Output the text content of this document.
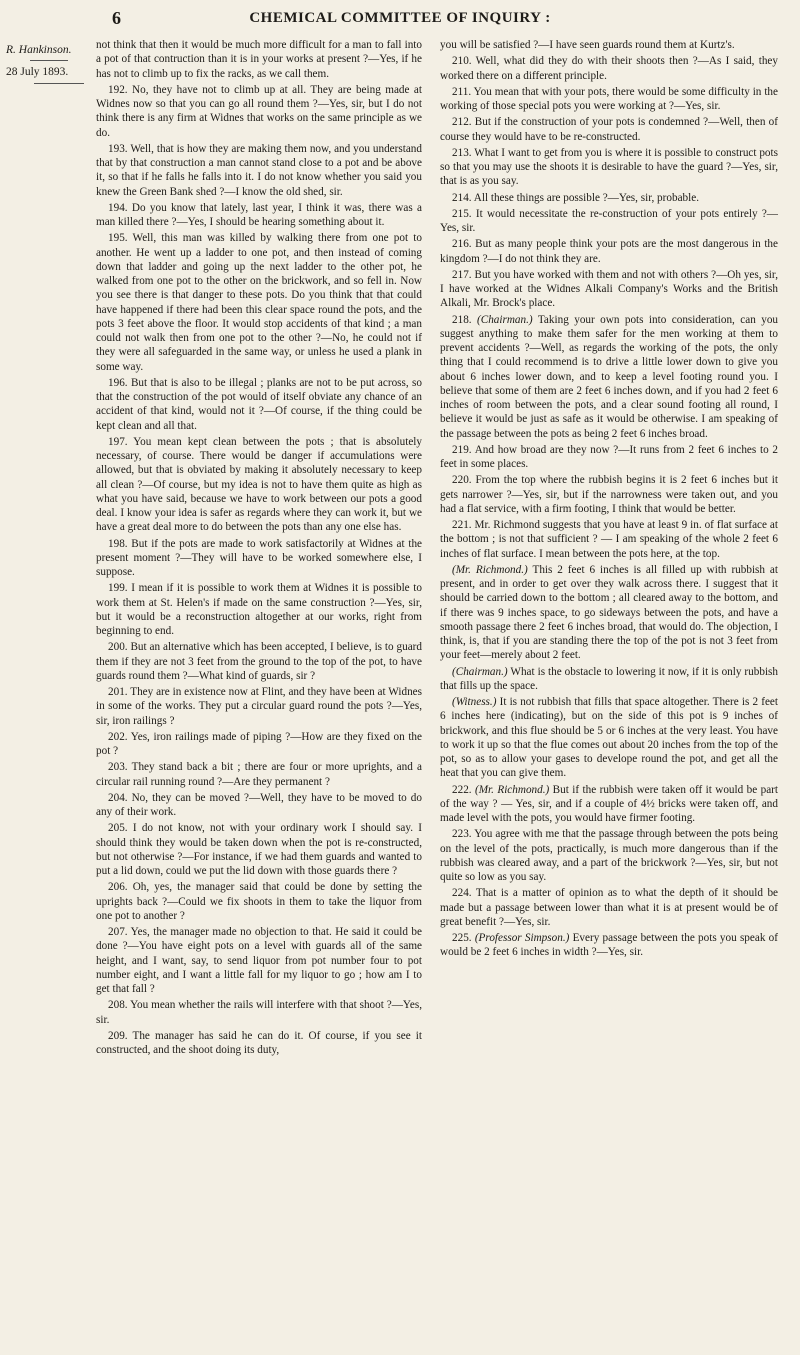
6	CHEMICAL COMMITTEE OF INQUIRY :
R. Hankinson.
28 July 1893.

not think that then it would be much more difficult for a man to fall into a pot of that contruction than it is in your works at present ?—Yes, if he has not to climb up to fix the racks, as we call them.

192. No, they have not to climb up at all. They are being made at Widnes now so that you can go all round them ?—Yes, sir, but I do not think there is any firm at Widnes that works on the same principle as we do.

193. Well, that is how they are making them now, and you understand that by that construction a man cannot stand close to a pot and be above it, so that if he falls he falls into it. I do not know whether you said you knew the Green Bank shed ?—I know the old shed, sir.

194. Do you know that lately, last year, I think it was, there was a man killed there ?—Yes, I should be hearing something about it.

195. Well, this man was killed by walking there from one pot to another. He went up a ladder to one pot, and then instead of coming down that ladder and going up the next ladder to the other pot, he walked from one pot to the other on the brickwork, and so fell in. Now you see there is that danger to these pots. Do you think that that could have happened if there had been this clear space round the pots, and the pots 3 feet above the floor. It would stop accidents of that kind ; a man could not walk then from one pot to the other ?—No, he could not if they were all safeguarded in the same way, or unless he used a plank in some way.

196. But that is also to be illegal ; planks are not to be put across, so that the construction of the pot would of itself obviate any chance of an accident of that kind, would not it ?—Of course, if the thing could be kept clean and all that.

197. You mean kept clean between the pots ; that is absolutely necessary, of course. There would be danger if accumulations were allowed, but that is obviated by making it absolutely necessary to keep all clean ?—Of course, but my idea is not to have them quite as high as what you have said, because we have to work between our pots a good deal. I know your idea is safer as regards where they can work it, but we have a great deal more to do between the pots than any one else has.

198. But if the pots are made to work satisfactorily at Widnes at the present moment ?—They will have to be worked somewhere else, I suppose.

199. I mean if it is possible to work them at Widnes it is possible to work them at St. Helen's if made on the same construction ?—Yes, sir, but it would be a reconstruction altogether at our works, right from beginning to end.

200. But an alternative which has been accepted, I believe, is to guard them if they are not 3 feet from the ground to the top of the pot, to have guards round them ?—What kind of guards, sir ?

201. They are in existence now at Flint, and they have been at Widnes in some of the works. They put a circular guard round the pots ?—Yes, sir, iron railings ?

202. Yes, iron railings made of piping ?—How are they fixed on the pot ?

203. They stand back a bit ; there are four or more uprights, and a circular rail running round ?—Are they permanent ?

204. No, they can be moved ?—Well, they have to be moved to do any of their work.

205. I do not know, not with your ordinary work I should say. I should think they would be taken down when the pot is re-constructed, but not otherwise ?—For instance, if we had them guards and wanted to put a lid down, could we put the lid down with those guards there ?

206. Oh, yes, the manager said that could be done by setting the uprights back ?—Could we fix shoots in them to take the liquor from one pot to another ?

207. Yes, the manager made no objection to that. He said it could be done ?—You have eight pots on a level with guards all of the same height, and I want, say, to send liquor from pot number four to pot number eight, and I want a little fall for my liquor to go ; how am I to get that fall ?

208. You mean whether the rails will interfere with that shoot ?—Yes, sir.

209. The manager has said he can do it. Of course, if you see it constructed, and the shoot doing its duty,

you will be satisfied ?—I have seen guards round them at Kurtz's.

210. Well, what did they do with their shoots then ?—As I said, they worked there on a different principle.

211. You mean that with your pots, there would be some difficulty in the working of those special pots you were working at ?—Yes, sir.

212. But if the construction of your pots is condemned ?—Well, then of course they would have to be re-constructed.

213. What I want to get from you is where it is possible to construct pots so that you may use the shoots it is desirable to have the guard ?—Yes, sir, that is as you say.

214. All these things are possible ?—Yes, sir, probable.

215. It would necessitate the re-construction of your pots entirely ?—Yes, sir.

216. But as many people think your pots are the most dangerous in the kingdom ?—I do not think they are.

217. But you have worked with them and not with others ?—Oh yes, sir, I have worked at the Widnes Alkali Company's Works and the British Alkali, Mr. Brock's place.

218. (Chairman.) Taking your own pots into consideration, can you suggest anything to make them safer for the men working at them to prevent accidents ?—Well, as regards the working of the pots, the only thing that I could recommend is to drive a little lower down to give you about 6 inches lower down, and to keep a level footing round you. I believe that some of them are 2 feet 6 inches down, and if you had 2 feet 6 inches of room between the pots, and a clear sound footing all round, I believe it would be just as safe as it would be otherwise. I am speaking of the passage between the pots as being 2 feet 6 inches broad.

219. And how broad are they now ?—It runs from 2 feet 6 inches to 2 feet in some places.

220. From the top where the rubbish begins it is 2 feet 6 inches but it gets narrower ?—Yes, sir, but if the narrowness were taken out, and you had a flat service, with a firm footing, I think that would be better.

221. Mr. Richmond suggests that you have at least 9 in. of flat surface at the bottom ; is not that sufficient ? — I am speaking of the whole 2 feet 6 inches of flat surface. I mean between the pots here, at the top.

(Mr. Richmond.) This 2 feet 6 inches is all filled up with rubbish at present, and in order to get over they walk across there. I suggest that it should be carried down to the bottom ; all cleared away to the bottom, and if there was 9 inches space, to go sideways between the pots, and have a smooth passage there 2 feet 6 inches broad, that would do. The objection, I think, is, that if you are standing there the top of the pot is not 3 feet from your feet—merely about 2 feet.

(Chairman.) What is the obstacle to lowering it now, if it is only rubbish that fills up the space.

(Witness.) It is not rubbish that fills that space altogether. There is 2 feet 6 inches here (indicating), but on the side of this pot is 9 inches of brickwork, and this flue should be 5 or 6 inches at the very least. You have to work it up so that the flue comes out about 20 inches from the top of the pot, so as to allow your gases to develope round the pot, and get all the heat that you can give them.

222. (Mr. Richmond.) But if the rubbish were taken off it would be part of the way ? — Yes, sir, and if a couple of 4½ bricks were taken off, and made level with the pots, you would have firmer footing.

223. You agree with me that the passage through between the pots being on the level of the pots, practically, is much more dangerous than if the rubbish was cleared away, and a part of the brickwork ?—Yes, sir, but not quite so low as you say.

224. That is a matter of opinion as to what the depth of it should be made but a passage between lower than what it is at present would be of great benefit ?—Yes, sir.

225. (Professor Simpson.) Every passage between the pots you speak of would be 2 feet 6 inches in width ?—Yes, sir.
